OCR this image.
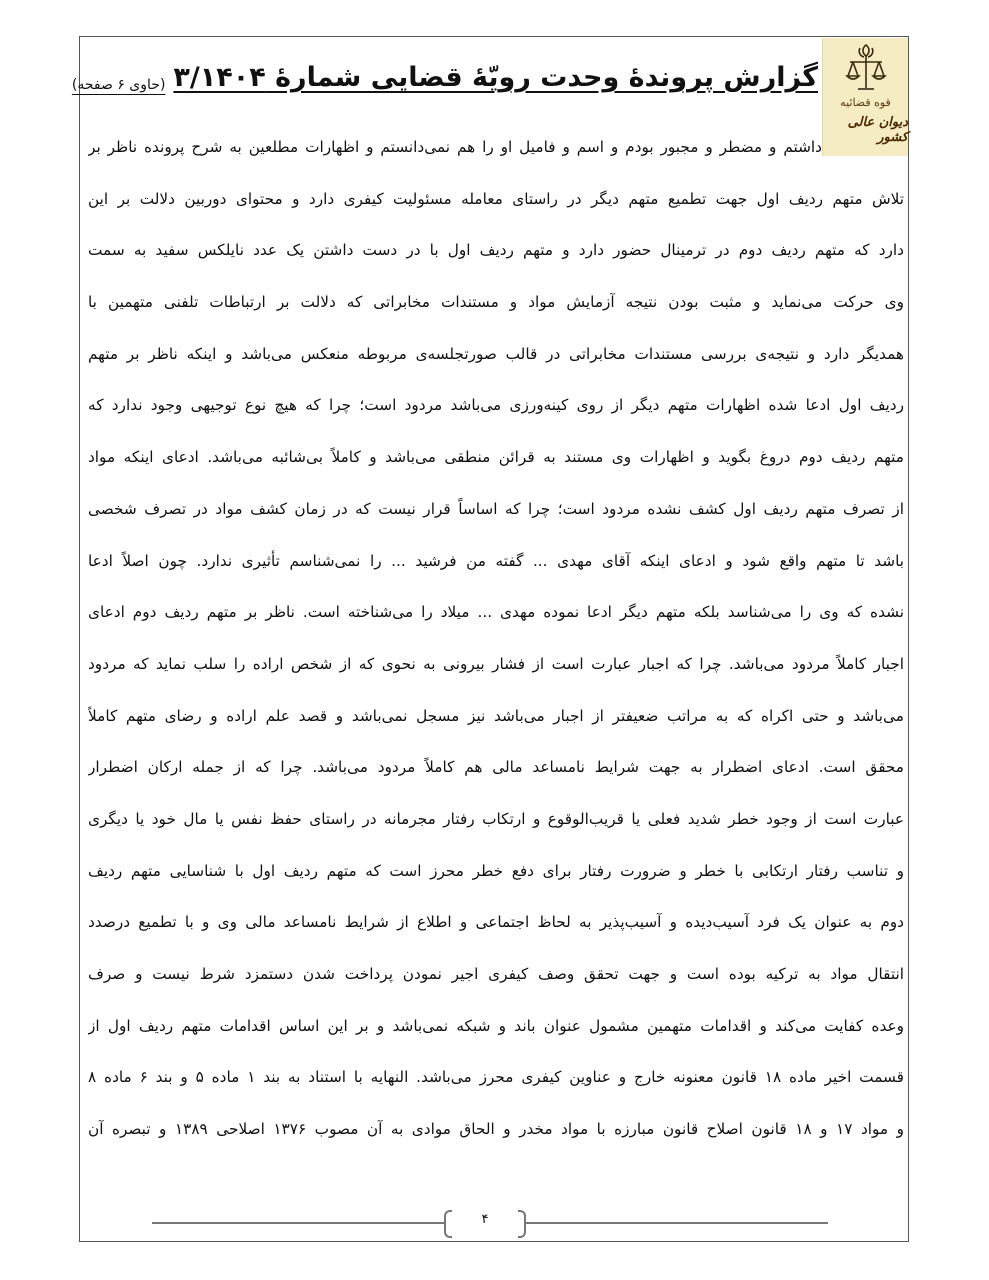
قوه قضائیه
دیوان عالی کشور
گزارش پروندهٔ وحدت رویّهٔ قضایی شمارهٔ ۳/۱۴۰۴
(حاوی ۶ صفحه)
داشتم و مضطر و مجبور بودم و اسم و فامیل او را هم نمی‌دانستم و اظهارات مطلعین به شرح پرونده ناظر بر
تلاش متهم ردیف اول جهت تطمیع متهم دیگر در راستای معامله مسئولیت کیفری دارد و محتوای دوربین دلالت بر این
دارد که متهم ردیف دوم در ترمینال حضور دارد و متهم ردیف اول با در دست داشتن یک عدد نایلکس سفید به سمت
وی حرکت می‌نماید و مثبت بودن نتیجه آزمایش مواد و مستندات مخابراتی که دلالت بر ارتباطات تلفنی متهمین با
همدیگر دارد و نتیجه‌ی بررسی مستندات مخابراتی در قالب صورتجلسه‌ی مربوطه منعکس می‌باشد و اینکه ناظر بر متهم
ردیف اول ادعا شده اظهارات متهم دیگر از روی کینه‌ورزی می‌باشد مردود است؛ چرا که هیچ نوع توجیهی وجود ندارد که
متهم ردیف دوم دروغ بگوید و اظهارات وی مستند به قرائن منطقی می‌باشد و کاملاً بی‌شائبه می‌باشد. ادعای اینکه مواد
از تصرف متهم ردیف اول کشف نشده مردود است؛ چرا که اساساً قرار نیست که در زمان کشف مواد در تصرف شخصی
باشد تا متهم واقع شود و ادعای اینکه آقای مهدی ... گفته من فرشید ... را نمی‌شناسم تأثیری ندارد. چون اصلاً ادعا
نشده که وی را می‌شناسد بلکه متهم دیگر ادعا نموده مهدی ... میلاد را می‌شناخته است. ناظر بر متهم ردیف دوم ادعای
اجبار کاملاً مردود می‌باشد. چرا که اجبار عبارت است از فشار بیرونی به نحوی که از شخص اراده را سلب نماید که مردود
می‌باشد و حتی اکراه که به مراتب ضعیفتر از اجبار می‌باشد نیز مسجل نمی‌باشد و قصد علم اراده و رضای متهم کاملاً
محقق است. ادعای اضطرار به جهت شرایط نامساعد مالی هم کاملاً مردود می‌باشد. چرا که از جمله ارکان اضطرار
عبارت است از وجود خطر شدید فعلی یا قریب‌الوقوع و ارتکاب رفتار مجرمانه در راستای حفظ نفس یا مال خود یا دیگری
و تناسب رفتار ارتکابی با خطر و ضرورت رفتار برای دفع خطر محرز است که متهم ردیف اول با شناسایی متهم ردیف
دوم به عنوان یک فرد آسیب‌دیده و آسیب‌پذیر به لحاظ اجتماعی و اطلاع از شرایط نامساعد مالی وی و با تطمیع درصدد
انتقال مواد به ترکیه بوده است و جهت تحقق وصف کیفری اجیر نمودن پرداخت شدن دستمزد شرط نیست و صرف
وعده کفایت می‌کند و اقدامات متهمین مشمول عنوان باند و شبکه نمی‌باشد و بر این اساس اقدامات متهم ردیف اول از
قسمت اخیر ماده ۱۸ قانون معنونه خارج و عناوین کیفری محرز می‌باشد. النهایه با استناد به بند ۱ ماده ۵ و بند ۶ ماده ۸
و مواد ۱۷ و ۱۸ قانون اصلاح قانون مبارزه با مواد مخدر و الحاق موادی به آن مصوب ۱۳۷۶ اصلاحی ۱۳۸۹ و تبصره آن
۴
